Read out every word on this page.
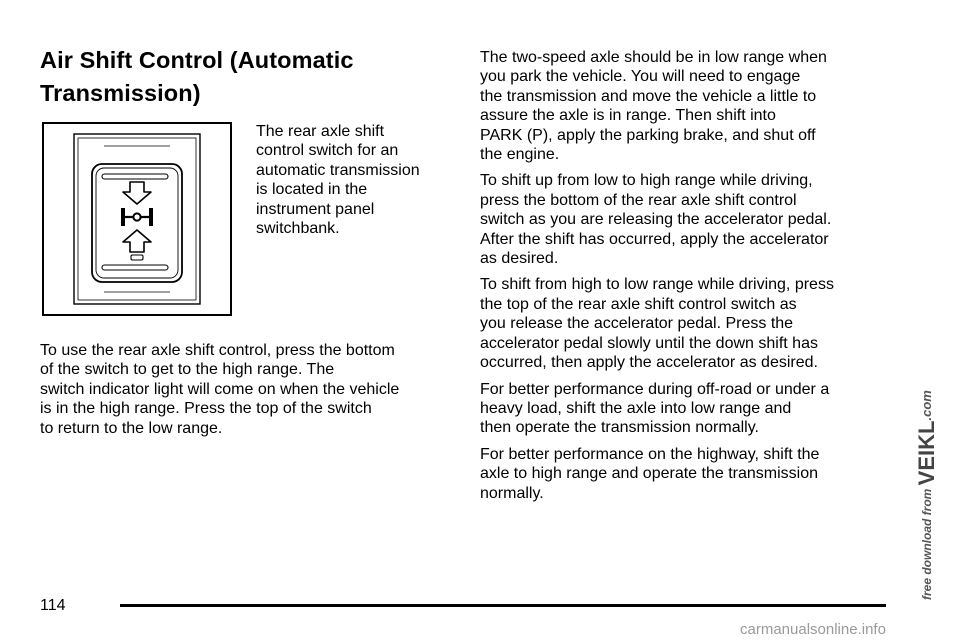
Air Shift Control (Automatic
Transmission)
The rear axle shift
control switch for an
automatic transmission
is located in the
instrument panel
switchbank.

To use the rear axle shift control, press the bottom
of the switch to get to the high range. The
switch indicator light will come on when the vehicle
is in the high range. Press the top of the switch
to return to the low range.

The two-speed axle should be in low range when
you park the vehicle. You will need to engage
the transmission and move the vehicle a little to
assure the axle is in range. Then shift into
PARK (P), apply the parking brake, and shut off
the engine.

To shift up from low to high range while driving,
press the bottom of the rear axle shift control
switch as you are releasing the accelerator pedal.
After the shift has occurred, apply the accelerator
as desired.

To shift from high to low range while driving, press
the top of the rear axle shift control switch as
you release the accelerator pedal. Press the
accelerator pedal slowly until the down shift has
occurred, then apply the accelerator as desired.

For better performance during off-road or under a
heavy load, shift the axle into low range and
then operate the transmission normally.

For better performance on the highway, shift the
axle to high range and operate the transmission
normally.

114
free download from VEIKL.com
carmanualsonline.info
